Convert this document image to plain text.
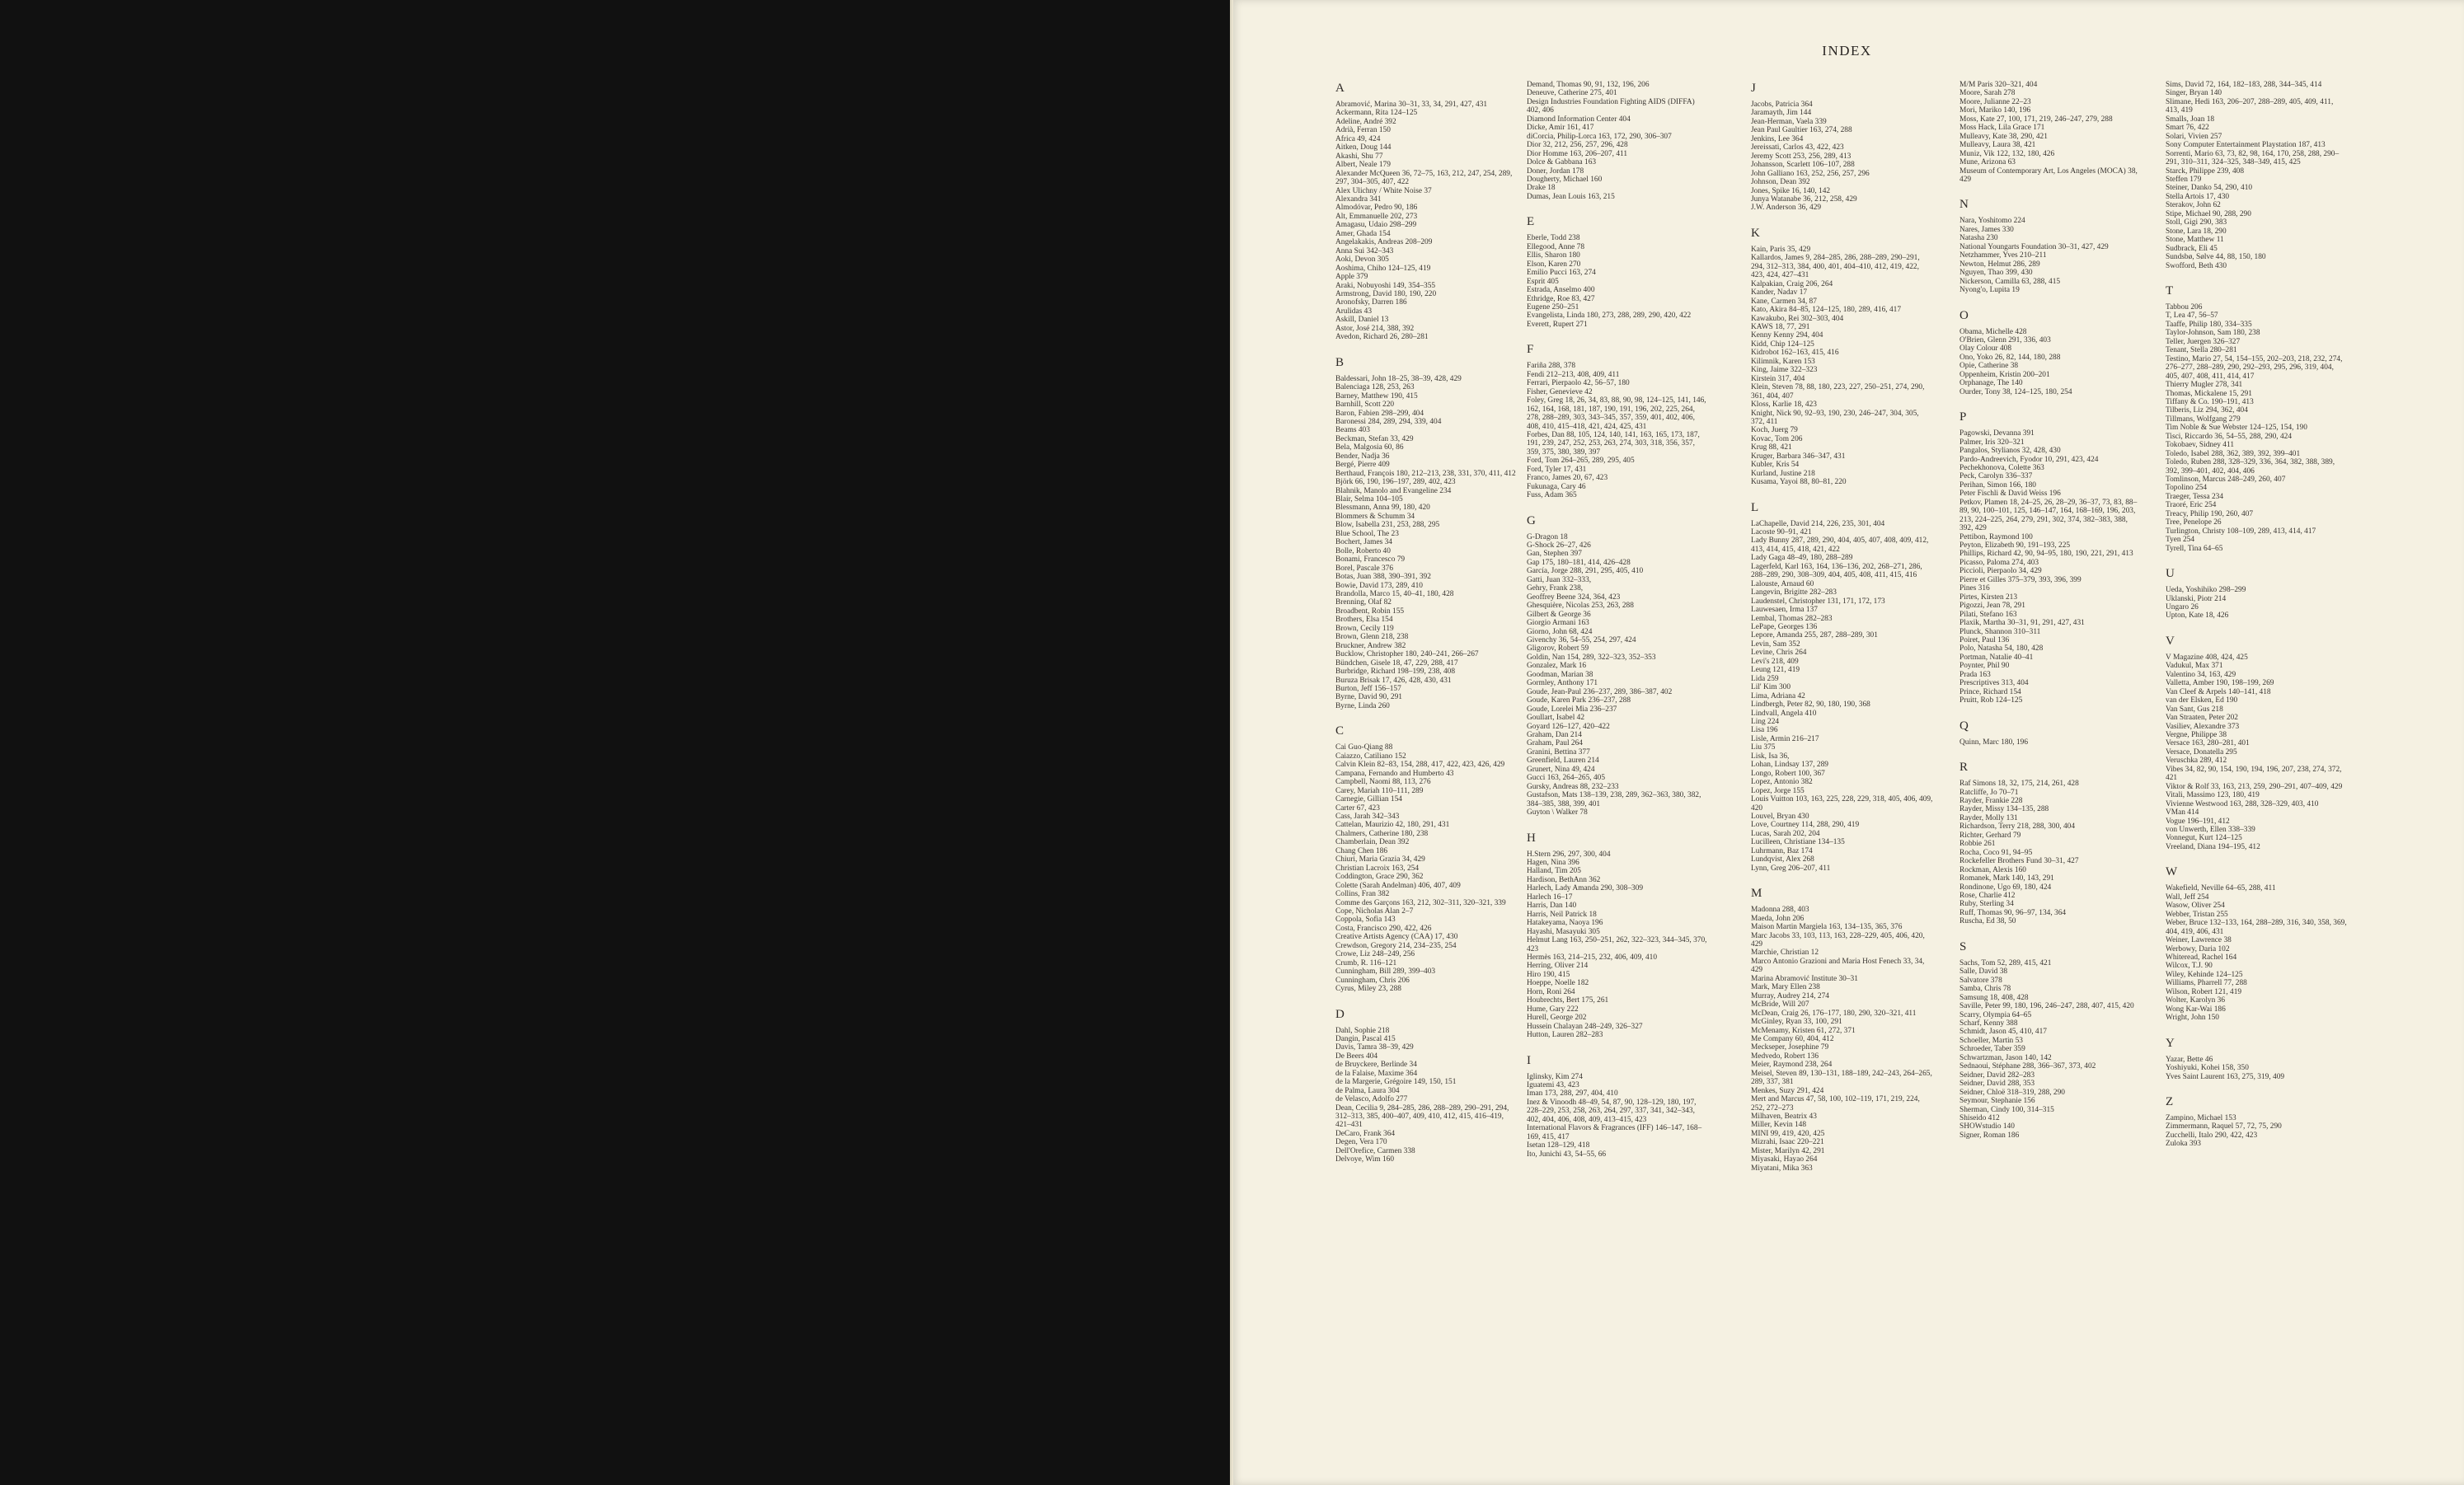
INDEX
A
Abramović, Marina 30–31, 33, 34, 291, 427, 431
Ackermann, Rita 124–125
Adeline, André 392
Adrià, Ferran 150
Africa 49, 424
Aitken, Doug 144
Akashi, Shu 77
Albert, Neale 179
Alexander McQueen 36, 72–75, 163, 212, 247, 254, 289, 297, 304–305, 407, 422
Alex Ulichny / White Noise 37
Alexandra 341
Almodóvar, Pedro 90, 186
Alt, Emmanuelle 202, 273
Amagasu, Udaio 298–299
Amer, Ghada 154
Angelakakis, Andreas 208–209
Anna Sui 342–343
Aoki, Devon 305
Aoshima, Chiho 124–125, 419
Apple 379
Araki, Nobuyoshi 149, 354–355
Armstrong, David 180, 190, 220
Aronofsky, Darren 186
Arulidas 43
Askill, Daniel 13
Astor, José 214, 388, 392
Avedon, Richard 26, 280–281
B
Baldessari, John 18–25, 38–39, 428, 429
Balenciaga 128, 253, 263
Barney, Matthew 190, 415
Barnhill, Scott 220
Baron, Fabien 298–299, 404
Baronessi 284, 289, 294, 339, 404
Beams 403
Beckman, Stefan 33, 429
Bela, Malgosia 60, 86
Bender, Nadja 36
Bergé, Pierre 409
Berthaud, François 180, 212–213, 238, 331, 370, 411, 412
Björk 66, 190, 196–197, 289, 402, 423
Blahnik, Manolo and Evangeline 234
Blair, Selma 104–105
Blessmann, Anna 99, 180, 420
Blommers & Schumm 34
Blow, Isabella 231, 253, 288, 295
Blue School, The 23
Bochert, James 34
Bolle, Roberto 40
Bonami, Francesco 79
Borel, Pascale 376
Botas, Juan 388, 390–391, 392
Bowie, David 173, 289, 410
Brandolla, Marco 15, 40–41, 180, 428
Brenning, Olaf 82
Broadbent, Robin 155
Brothers, Elsa 154
Brown, Cecily 119
Brown, Glenn 218, 238
Bruckner, Andrew 382
Bucklow, Christopher 180, 240–241, 266–267
Bündchen, Gisele 18, 47, 229, 288, 417
Burbridge, Richard 198–199, 238, 408
Buruza Brisak 17, 426, 428, 430, 431
Burton, Jeff 156–157
Byrne, David 90, 291
Byrne, Linda 260
C
Cai Guo-Qiang 88
Caiazzo, Catiliano 152
Calvin Klein 82–83, 154, 288, 417, 422, 423, 426, 429
Campana, Fernando and Humberto 43
Campbell, Naomi 88, 113, 276
Carey, Mariah 110–111, 289
Carnegie, Gillian 154
Carter 67, 423
Cass, Jarah 342–343
Cattelan, Maurizio 42, 180, 291, 431
Chalmers, Catherine 180, 238
Chamberlain, Dean 392
Chang Chen 186
Chiuri, Maria Grazia 34, 429
Christian Lacroix 163, 254
Coddington, Grace 290, 362
Colette (Sarah Andelman) 406, 407, 409
Collins, Fran 382
Comme des Garçons 163, 212, 302–311, 320–321, 339
Cope, Nicholas Alan 2–7
Coppola, Sofia 143
Costa, Francisco 290, 422, 426
Creative Artists Agency (CAA) 17, 430
Crewdson, Gregory 214, 234–235, 254
Crowe, Liz 248–249, 256
Crumb, R. 116–121
Cunningham, Bill 289, 399–403
Cunningham, Chris 206
Cyrus, Miley 23, 288
D
Dahl, Sophie 218
Dangin, Pascal 415
Davis, Tamra 38–39, 429
De Beers 404
de Bruyckere, Berlinde 34
de la Falaise, Maxime 364
de la Margerie, Grégoire 149, 150, 151
de Palma, Laura 304
de Velasco, Adolfo 277
Dean, Cecilia 9, 284–285, 286, 288–289, 290–291, 294, 312–313, 385, 400–407, 409, 410, 412, 415, 416–419, 421–431
DeCaro, Frank 364
Degen, Vera 170
Dell'Orefice, Carmen 338
Delvoye, Wim 160
Demand, Thomas 90, 91, 132, 196, 206
Deneuve, Catherine 275, 401
Design Industries Foundation Fighting AIDS (DIFFA) 402, 406
Diamond Information Center 404
Dicke, Amir 161, 417
diCorcia, Philip-Lorca 163, 172, 290, 306–307
Dior 32, 212, 256, 257, 296, 428
Dior Homme 163, 206–207, 411
Dolce & Gabbana 163
Doner, Jordan 178
Dougherty, Michael 160
Drake 18
Dumas, Jean Louis 163, 215
E
Eberle, Todd 238
Ellegood, Anne 78
Ellis, Sharon 180
Elson, Karen 270
Emilio Pucci 163, 274
Esprit 405
Estrada, Anselmo 400
Ethridge, Roe 83, 427
Eugene 250–251
Evangelista, Linda 180, 273, 288, 289, 290, 420, 422
Everett, Rupert 271
F
Fariña 288, 378
Fendi 212–213, 408, 409, 411
Ferrari, Pierpaolo 42, 56–57, 180
Fisher, Genevieve 42
Foley, Greg 18, 26, 34, 83, 88, 90, 98, 124–125, 141, 146, 162, 164, 168, 181, 187, 190, 191, 196, 202, 225, 264, 278, 288–289, 303, 343–345, 357, 359, 401, 402, 406, 408, 410, 415–418, 421, 424, 425, 431
Forbes, Dan 88, 105, 124, 140, 141, 163, 165, 173, 187, 191, 239, 247, 252, 253, 263, 274, 303, 318, 356, 357, 359, 375, 380, 389, 397
Ford, Tom 264–265, 289, 295, 405
Ford, Tyler 17, 431
Franco, James 20, 67, 423
Fukunaga, Cary 46
Fuss, Adam 365
G
G-Dragon 18
G-Shock 26–27, 426
Gan, Stephen 397
Gap 175, 180–181, 414, 426–428
García, Jorge 288, 291, 295, 405, 410
Gatti, Juan 332–333,
Gehry, Frank 238,
Geoffrey Beene 324, 364, 423
Ghesquière, Nicolas 253, 263, 288
Gilbert & George 36
Giorgio Armani 163
Giorno, John 68, 424
Givenchy 36, 54–55, 254, 297, 424
Gligorov, Robert 59
Goldin, Nan 154, 289, 322–323, 352–353
Gonzalez, Mark 16
Goodman, Marian 38
Gormley, Anthony 171
Goude, Jean-Paul 236–237, 289, 386–387, 402
Goude, Karen Park 236–237, 288
Goude, Lorelei Mia 236–237
Goullart, Isabel 42
Goyard 126–127, 420–422
Graham, Dan 214
Graham, Paul 264
Granini, Bettina 377
Greenfield, Lauren 214
Grunert, Nina 49, 424
Gucci 163, 264–265, 405
Gursky, Andreas 88, 232–233
Gustafson, Mats 138–139, 238, 289, 362–363, 380, 382, 384–385, 388, 399, 401
Guyton \ Walker 78
H
H.Stern 296, 297, 300, 404
Hagen, Nina 396
Halland, Tim 205
Hardison, BethAnn 362
Harlech, Lady Amanda 290, 308–309
Harlech 16–17
Harris, Dan 140
Harris, Neil Patrick 18
Hatakeyama, Naoya 196
Hayashi, Masayuki 305
Helmut Lang 163, 250–251, 262, 322–323, 344–345, 370, 423
Hermès 163, 214–215, 232, 406, 409, 410
Herring, Oliver 214
Hiro 190, 415
Hoeppe, Noelle 182
Horn, Roni 264
Houbrechts, Bert 175, 261
Hume, Gary 222
Hurell, George 202
Hussein Chalayan 248–249, 326–327
Hutton, Lauren 282–283
I
Iglinsky, Kim 274
Iguatemi 43, 423
Iman 173, 288, 297, 404, 410
Inez & Vinoodh 48–49, 54, 87, 90, 128–129, 180, 197, 228–229, 253, 258, 263, 264, 297, 337, 341, 342–343, 402, 404, 406, 408, 409, 413–415, 423
International Flavors & Fragrances (IFF) 146–147, 168–169, 415, 417
Isetan 128–129, 418
Ito, Junichi 43, 54–55, 66
J
Jacobs, Patricia 364
Jaramayth, Jim 144
Jean-Herman, Vaela 339
Jean Paul Gaultier 163, 274, 288
Jenkins, Lee 364
Jereissati, Carlos 43, 422, 423
Jeremy Scott 253, 256, 289, 413
Johansson, Scarlett 106–107, 288
John Galliano 163, 252, 256, 257, 296
Johnson, Dean 392
Jones, Spike 16, 140, 142
Junya Watanabe 36, 212, 258, 429
J.W. Anderson 36, 429
K
Kain, Paris 35, 429
Kallardos, James 9, 284–285, 286, 288–289, 290–291, 294, 312–313, 384, 400, 401, 404–410, 412, 419, 422, 423, 424, 427–431
Kalpakian, Craig 206, 264
Kander, Nadav 17
Kane, Carmen 34, 87
Kato, Akira 84–85, 124–125, 180, 289, 416, 417
Kawakubo, Rei 302–303, 404
KAWS 18, 77, 291
Kenny Kenny 294, 404
Kidd, Chip 124–125
Kidrobot 162–163, 415, 416
Kilimnik, Karen 153
King, Jaime 322–323
Kirstein 317, 404
Klein, Steven 78, 88, 180, 223, 227, 250–251, 274, 290, 361, 404, 407
Kloss, Karlie 18, 423
Knight, Nick 90, 92–93, 190, 230, 246–247, 304, 305, 372, 411
Koch, Juerg 79
Kovac, Tom 206
Krug 88, 421
Kruger, Barbara 346–347, 431
Kubler, Kris 54
Kurland, Justine 218
Kusama, Yayoi 88, 80–81, 220
L
LaChapelle, David 214, 226, 235, 301, 404
Lacoste 90–91, 421
Lady Bunny 287, 289, 290, 404, 405, 407, 408, 409, 412, 413, 414, 415, 418, 421, 422
Lady Gaga 48–49, 180, 288–289
Lagerfeld, Karl 163, 164, 136–136, 202, 268–271, 286, 288–289, 290, 308–309, 404, 405, 408, 411, 415, 416
Lalouste, Arnaud 60
Langevin, Brigitte 282–283
Laudenstel, Christopher 131, 171, 172, 173
Lauwesaen, Irma 137
Lembal, Thomas 282–283
LePape, Georges 136
Lepore, Amanda 255, 287, 288–289, 301
Levin, Sam 352
Levine, Chris 264
Levi's 218, 409
Leung 121, 419
Lida 259
Lil' Kim 300
Lima, Adriana 42
Lindbergh, Peter 82, 90, 180, 190, 368
Lindvall, Angela 410
Ling 224
Lisa 196
Lisle, Armin 216–217
Liu 375
Lisk, Isa 36,
Lohan, Lindsay 137, 289
Longo, Robert 100, 367
Lopez, Antonio 382
Lopez, Jorge 155
Louis Vuitton 103, 163, 225, 228, 229, 318, 405, 406, 409, 420
Louvel, Bryan 430
Love, Courtney 114, 288, 290, 419
Lucas, Sarah 202, 204
Lucilleen, Christiane 134–135
Luhrmann, Baz 174
Lundqvist, Alex 268
Lynn, Greg 206–207, 411
M
Madonna 288, 403
Maeda, John 206
Maison Martin Margiela 163, 134–135, 365, 376
Marc Jacobs 33, 103, 113, 163, 228–229, 405, 406, 420, 429
Marchie, Christian 12
Marco Antonio Grazioni and Maria Host Fenech 33, 34, 429
Marina Abramović Institute 30–31
Mark, Mary Ellen 238
Murray, Audrey 214, 274
McBride, Will 207
McDean, Craig 26, 176–177, 180, 290, 320–321, 411
McGinley, Ryan 33, 100, 291
McMenamy, Kristen 61, 272, 371
Me Company 60, 404, 412
Meckseper, Josephine 79
Medvedo, Robert 136
Meier, Raymond 238, 264
Meisel, Steven 89, 130–131, 188–189, 242–243, 264–265, 289, 337, 381
Menkes, Suzy 291, 424
Mert and Marcus 47, 58, 100, 102–119, 171, 219, 224, 252, 272–273
Milhaven, Beatrix 43
Miller, Kevin 148
MINI 99, 419, 420, 425
Mizrahi, Isaac 220–221
Mister, Marilyn 42, 291
Miyasaki, Hayao 264
Miyatani, Mika 363
M/M Paris 320–321, 404
Moore, Sarah 278
Moore, Julianne 22–23
Mori, Mariko 140, 196
Moss, Kate 27, 100, 171, 219, 246–247, 279, 288
Moss Hack, Lila Grace 171
Mulleavy, Kate 38, 290, 421
Mulleavy, Laura 38, 421
Muniz, Vik 122, 132, 180, 426
Mune, Arizona 63
Museum of Contemporary Art, Los Angeles (MOCA) 38, 429
N
Nara, Yoshitomo 224
Nares, James 330
Natasha 230
National Youngarts Foundation 30–31, 427, 429
Netzhammer, Yves 210–211
Newton, Helmut 286, 289
Nguyen, Thao 399, 430
Nickerson, Camilla 63, 288, 415
Nyong'o, Lupita 19
O
Obama, Michelle 428
O'Brien, Glenn 291, 336, 403
Olay Colour 408
Ono, Yoko 26, 82, 144, 180, 288
Opie, Catherine 38
Oppenheim, Kristin 200–201
Orphanage, The 140
Ourder, Tony 38, 124–125, 180, 254
P
Pagowski, Devanna 391
Palmer, Iris 320–321
Pangalos, Stylianos 32, 428, 430
Pardo-Andreevich, Fyodor 10, 291, 423, 424
Pechekhonova, Colette 363
Peck, Carolyn 336–337
Perihan, Simon 166, 180
Peter Fischli & David Weiss 196
Petkov, Plamen 18, 24–25, 26, 28–29, 36–37, 73, 83, 88–89, 90, 100–101, 125, 146–147, 164, 168–169, 196, 203, 213, 224–225, 264, 279, 291, 302, 374, 382–383, 388, 392, 429
Pettibon, Raymond 100
Peyton, Elizabeth 90, 191–193, 225
Phillips, Richard 42, 90, 94–95, 180, 190, 221, 291, 413
Picasso, Paloma 274, 403
Piccioli, Pierpaolo 34, 429
Pierre et Gilles 375–379, 393, 396, 399
Pines 316
Pirtes, Kirsten 213
Pigozzi, Jean 78, 291
Pilati, Stefano 163
Plaxik, Martha 30–31, 91, 291, 427, 431
Plunck, Shannon 310–311
Poiret, Paul 136
Polo, Natasha 54, 180, 428
Portman, Natalie 40–41
Poynter, Phil 90
Prada 163
Prescriptives 313, 404
Prince, Richard 154
Pruitt, Rob 124–125
Q
Quinn, Marc 180, 196
R
Raf Simons 18, 32, 175, 214, 261, 428
Ratcliffe, Jo 70–71
Rayder, Frankie 228
Rayder, Missy 134–135, 288
Rayder, Molly 131
Richardson, Terry 218, 288, 300, 404
Richter, Gerhard 79
Robbie 261
Rocha, Coco 91, 94–95
Rockefeller Brothers Fund 30–31, 427
Rockman, Alexis 160
Romanek, Mark 140, 143, 291
Rondinone, Ugo 69, 180, 424
Rose, Charlie 412
Ruby, Sterling 34
Ruff, Thomas 90, 96–97, 134, 364
Ruscha, Ed 38, 50
S
Sachs, Tom 52, 289, 415, 421
Salle, David 38
Salvatore 378
Samba, Chris 78
Samsung 18, 408, 428
Saville, Peter 99, 180, 196, 246–247, 288, 407, 415, 420
Scarry, Olympia 64–65
Scharf, Kenny 388
Schmidt, Jason 45, 410, 417
Schoeller, Martin 53
Schroeder, Taber 359
Schwartzman, Jason 140, 142
Sednaoui, Stéphane 288, 366–367, 373, 402
Seidner, David 282–283
Seidner, David 288, 353
Seidner, Chloë 318–319, 288, 290
Seymour, Stephanie 156
Sherman, Cindy 100, 314–315
Shiseido 412
SHOWstudio 140
Signer, Roman 186
Sims, David 72, 164, 182–183, 288, 344–345, 414
Singer, Bryan 140
Slimane, Hedi 163, 206–207, 288–289, 405, 409, 411, 413, 419
Smalls, Joan 18
Smart 76, 422
Solari, Vivien 257
Sony Computer Entertainment Playstation 187, 413
Sorrenti, Mario 63, 73, 82, 98, 164, 170, 258, 288, 290–291, 310–311, 324–325, 348–349, 415, 425
Starck, Philippe 239, 408
Steffen 179
Steiner, Danko 54, 290, 410
Stella Artois 17, 430
Sterakov, John 62
Stipe, Michael 90, 288, 290
Stoll, Gigi 290, 383
Stone, Lara 18, 290
Stone, Matthew 11
Sudbrack, Eli 45
Sundsbø, Sølve 44, 88, 150, 180
Swofford, Beth 430
T
Tabbou 206
T, Lea 47, 56–57
Taaffe, Philip 180, 334–335
Taylor-Johnson, Sam 180, 238
Teller, Juergen 326–327
Tenant, Stella 280–281
Testino, Mario 27, 54, 154–155, 202–203, 218, 232, 274, 276–277, 288–289, 290, 292–293, 295, 296, 319, 404, 405, 407, 408, 411, 414, 417
Thierry Mugler 278, 341
Thomas, Mickalene 15, 291
Tiffany & Co. 190–191, 413
Tilberis, Liz 294, 362, 404
Tillmans, Wolfgang 279
Tim Noble & Sue Webster 124–125, 154, 190
Tisci, Riccardo 36, 54–55, 288, 290, 424
Tokobaev, Sidney 411
Toledo, Isabel 288, 362, 389, 392, 399–401
Toledo, Ruben 288, 328–329, 336, 364, 382, 388, 389, 392, 399–401, 402, 404, 406
Tomlinson, Marcus 248–249, 260, 407
Topolino 254
Traeger, Tessa 234
Traoré, Eric 254
Treacy, Philip 190, 260, 407
Tree, Penelope 26
Turlington, Christy 108–109, 289, 413, 414, 417
Tyen 254
Tyrell, Tina 64–65
U
Ueda, Yoshihiko 298–299
Uklanski, Piotr 214
Ungaro 26
Upton, Kate 18, 426
V
V Magazine 408, 424, 425
Vadukul, Max 371
Valentino 34, 163, 429
Valletta, Amber 190, 198–199, 269
Van Cleef & Arpels 140–141, 418
van der Elsken, Ed 190
Van Sant, Gus 218
Van Straaten, Peter 202
Vasiliev, Alexandre 373
Vergne, Philippe 38
Versace 163, 280–281, 401
Versace, Donatella 295
Veruschka 289, 412
Vibes 34, 82, 90, 154, 190, 194, 196, 207, 238, 274, 372, 421
Viktor & Rolf 33, 163, 213, 259, 290–291, 407–409, 429
Vitali, Massimo 123, 180, 419
Vivienne Westwood 163, 288, 328–329, 403, 410
VMan 414
Vogue 196–191, 412
von Unwerth, Ellen 338–339
Vonnegut, Kurt 124–125
Vreeland, Diana 194–195, 412
W
Wakefield, Neville 64–65, 288, 411
Wall, Jeff 254
Wasow, Oliver 254
Webber, Tristan 255
Weber, Bruce 132–133, 164, 288–289, 316, 340, 358, 369, 404, 419, 406, 431
Weiner, Lawrence 38
Werbowy, Daria 102
Whiteread, Rachel 164
Wilcox, T.J. 90
Wiley, Kehinde 124–125
Williams, Pharrell 77, 288
Wilson, Robert 121, 419
Wolter, Karolyn 36
Wong Kar-Wai 186
Wright, John 150
Y
Yazar, Bette 46
Yoshiyuki, Kohei 158, 350
Yves Saint Laurent 163, 275, 319, 409
Z
Zampino, Michael 153
Zimmermann, Raquel 57, 72, 75, 290
Zucchelli, Italo 290, 422, 423
Zuloka 393
